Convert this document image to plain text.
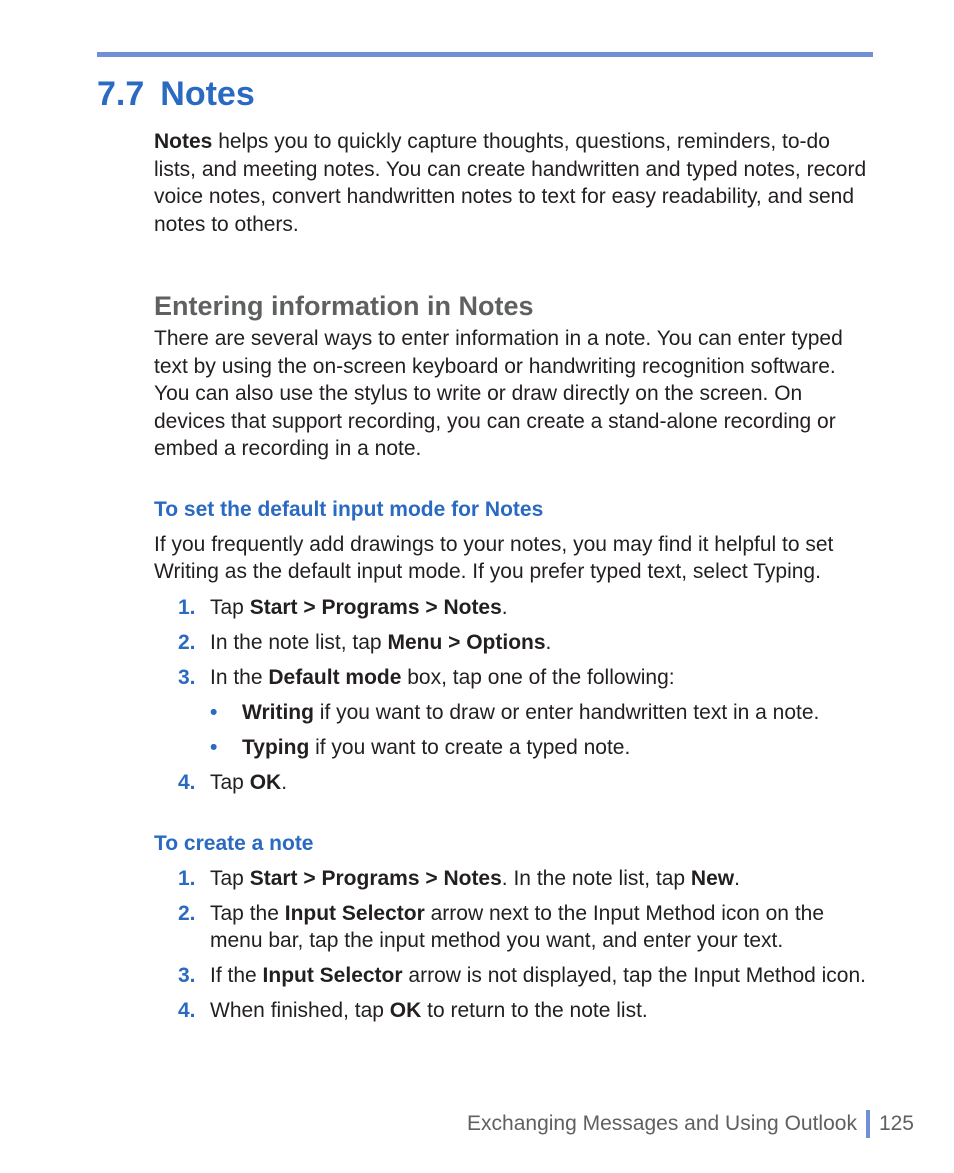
7.7 Notes

Notes helps you to quickly capture thoughts, questions, reminders, to-do lists, and meeting notes. You can create handwritten and typed notes, record voice notes, convert handwritten notes to text for easy readability, and send notes to others.

Entering information in Notes

There are several ways to enter information in a note. You can enter typed text by using the on-screen keyboard or handwriting recognition software. You can also use the stylus to write or draw directly on the screen. On devices that support recording, you can create a stand-alone recording or embed a recording in a note.

To set the default input mode for Notes

If you frequently add drawings to your notes, you may find it helpful to set Writing as the default input mode. If you prefer typed text, select Typing.

1. Tap Start > Programs > Notes.
2. In the note list, tap Menu > Options.
3. In the Default mode box, tap one of the following:
• Writing if you want to draw or enter handwritten text in a note.
• Typing if you want to create a typed note.
4. Tap OK.
To create a note
1. Tap Start > Programs > Notes. In the note list, tap New.
2. Tap the Input Selector arrow next to the Input Method icon on the menu bar, tap the input method you want, and enter your text.
3. If the Input Selector arrow is not displayed, tap the Input Method icon.
4. When finished, tap OK to return to the note list.
Exchanging Messages and Using Outlook 125
